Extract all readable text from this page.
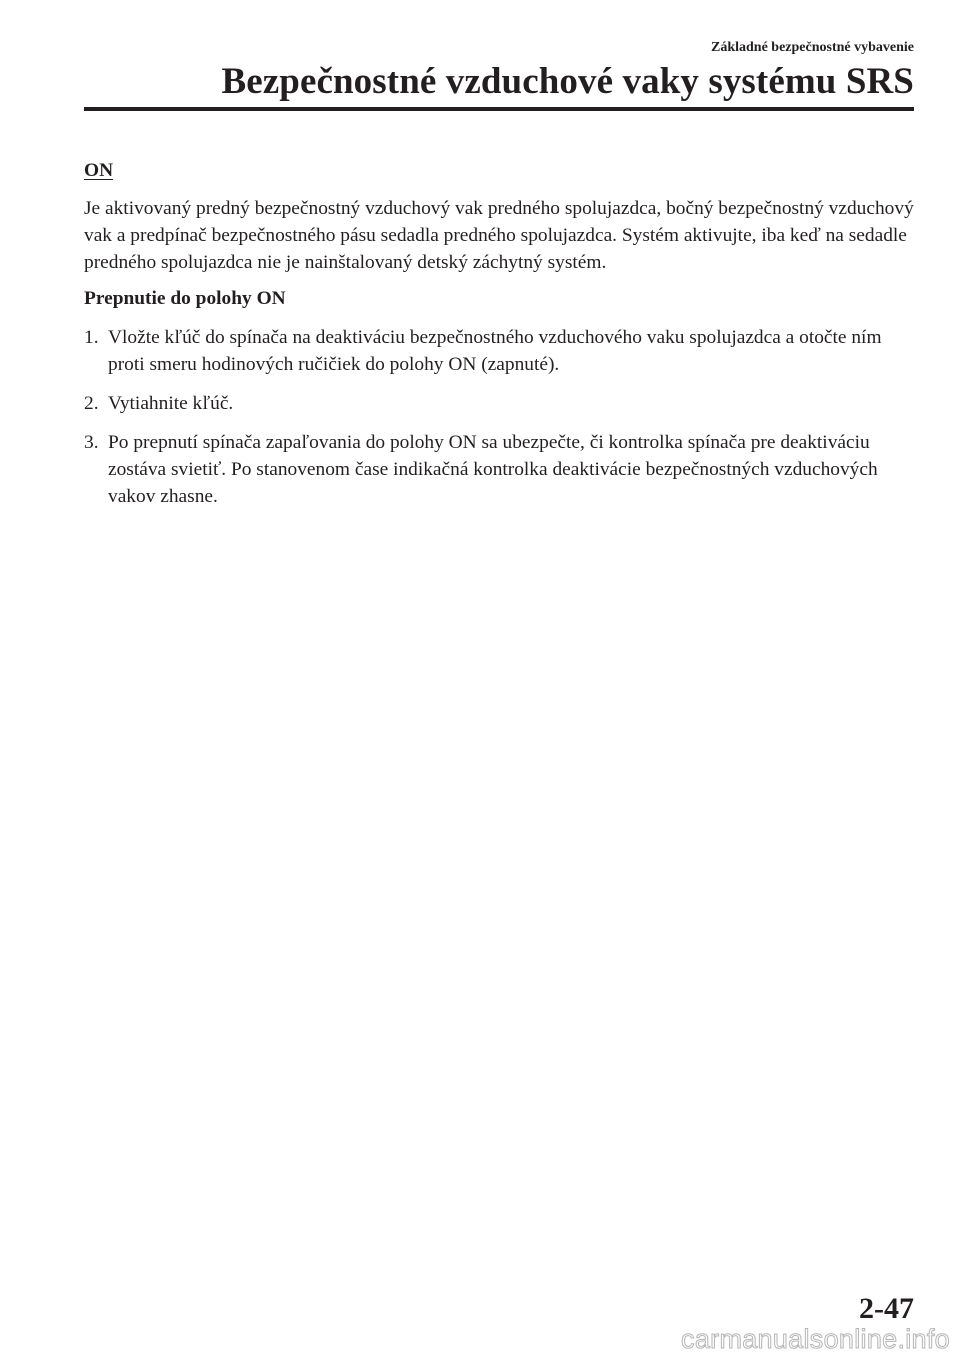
Základné bezpečnostné vybavenie
Bezpečnostné vzduchové vaky systému SRS
ON

Je aktivovaný predný bezpečnostný vzduchový vak predného spolujazdca, bočný bezpečnostný vzduchový vak a predpínač bezpečnostného pásu sedadla predného spolujazdca. Systém aktivujte, iba keď na sedadle predného spolujazdca nie je nainštalovaný detský záchytný systém.

Prepnutie do polohy ON
1. Vložte kľúč do spínača na deaktiváciu bezpečnostného vzduchového vaku spolujazdca a otočte ním proti smeru hodinových ručičiek do polohy ON (zapnuté).
2. Vytiahnite kľúč.
3. Po prepnutí spínača zapaľovania do polohy ON sa ubezpečte, či kontrolka spínača pre deaktiváciu zostáva svietiť. Po stanovenom čase indikačná kontrolka deaktivácie bezpečnostných vzduchových vakov zhasne.
2-47
carmanualsonline.info
